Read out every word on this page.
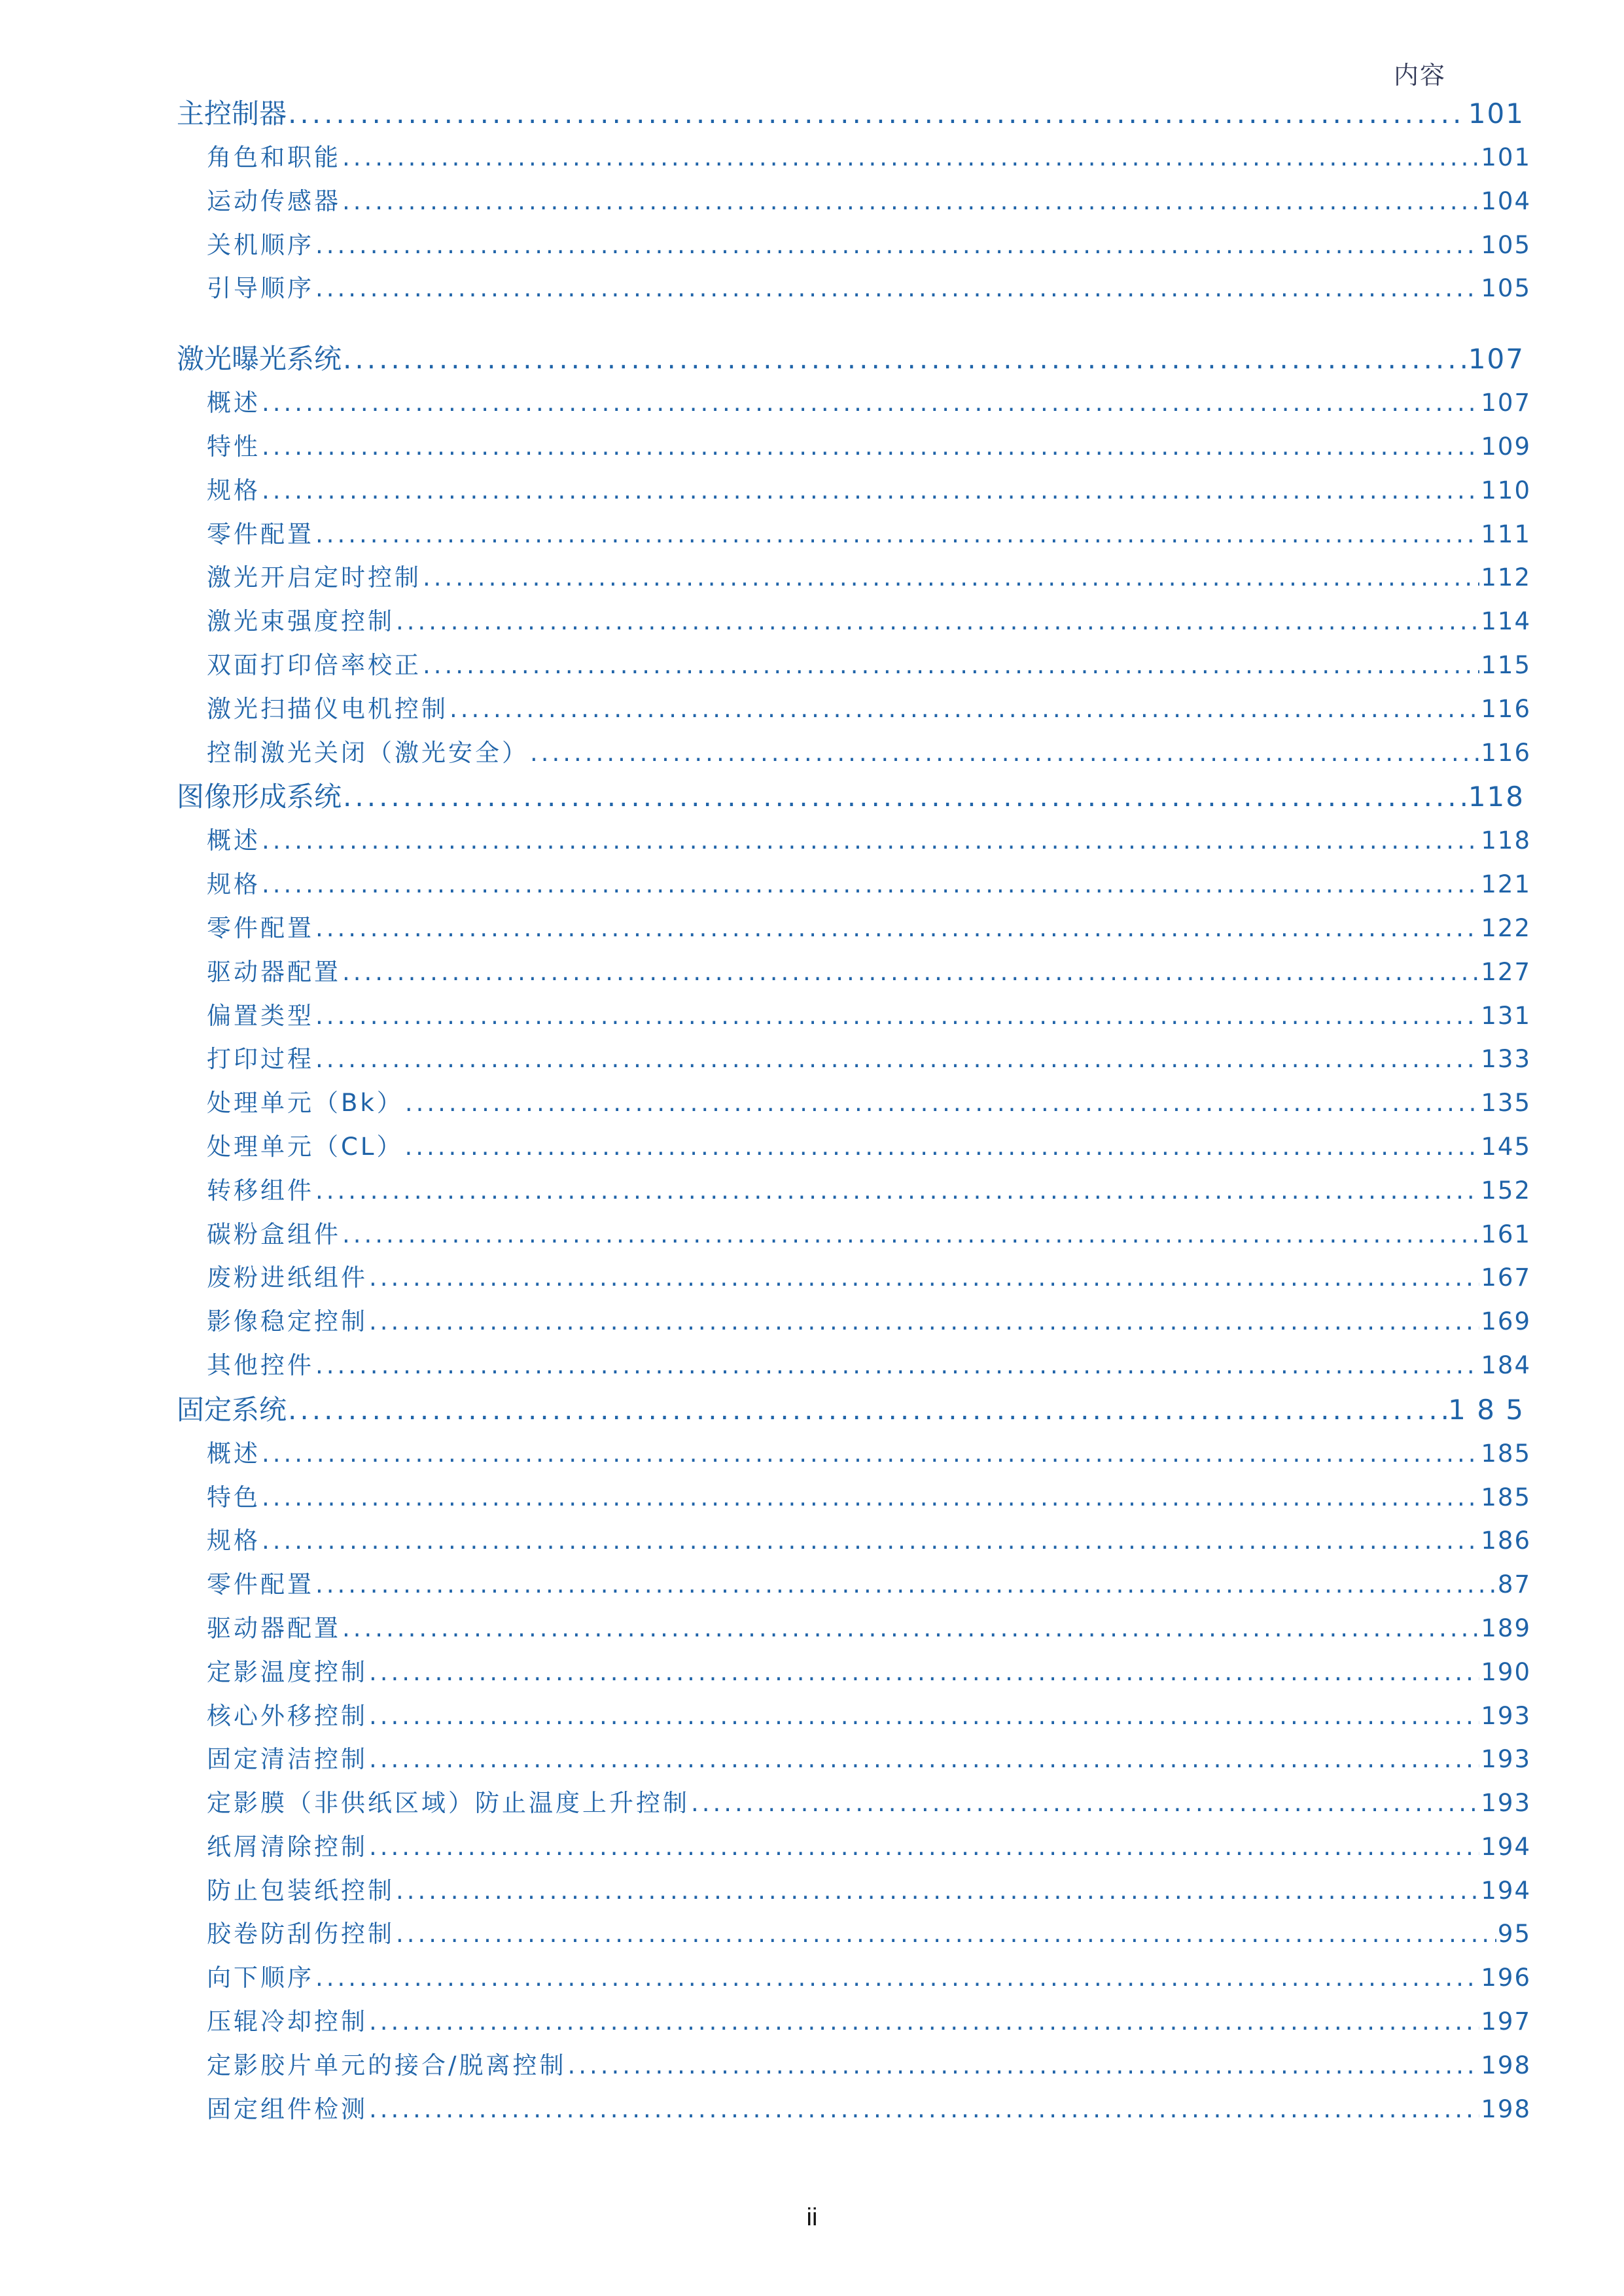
内容
主控制器 .....	101
角色和职能 .....	101
运动传感器 .....	104
关机顺序 .....	105
引导顺序 .....	105
激光曝光系统 .....	107
概述 .....	107
特性 .....	109
规格 .....	110
零件配置 .....	111
激光开启定时控制 .....	112
激光束强度控制 .....	114
双面打印倍率校正 .....	115
激光扫描仪电机控制 .....	116
控制激光关闭（激光安全） .....	116
图像形成系统 .....	118
概述 .....	118
规格 .....	121
零件配置 .....	122
驱动器配置 .....	127
偏置类型 .....	131
打印过程 .....	133
处理单元（Bk） .....	135
处理单元（CL） .....	145
转移组件 .....	152
碳粉盒组件 .....	161
废粉进纸组件 .....	167
影像稳定控制 .....	169
其他控件 .....	184
固定系统 .....	1 8 5
概述 .....	185
特色 .....	185
规格 .....	186
零件配置 .....	87
驱动器配置 .....	189
定影温度控制 .....	190
核心外移控制 .....	193
固定清洁控制 .....	193
定影膜（非供纸区域）防止温度上升控制 .....	193
纸屑清除控制 .....	194
防止包装纸控制 .....	194
胶卷防刮伤控制 .....	95
向下顺序 .....	196
压辊冷却控制 .....	197
定影胶片单元的接合/脱离控制 .....	198
固定组件检测 .....	198
ii
